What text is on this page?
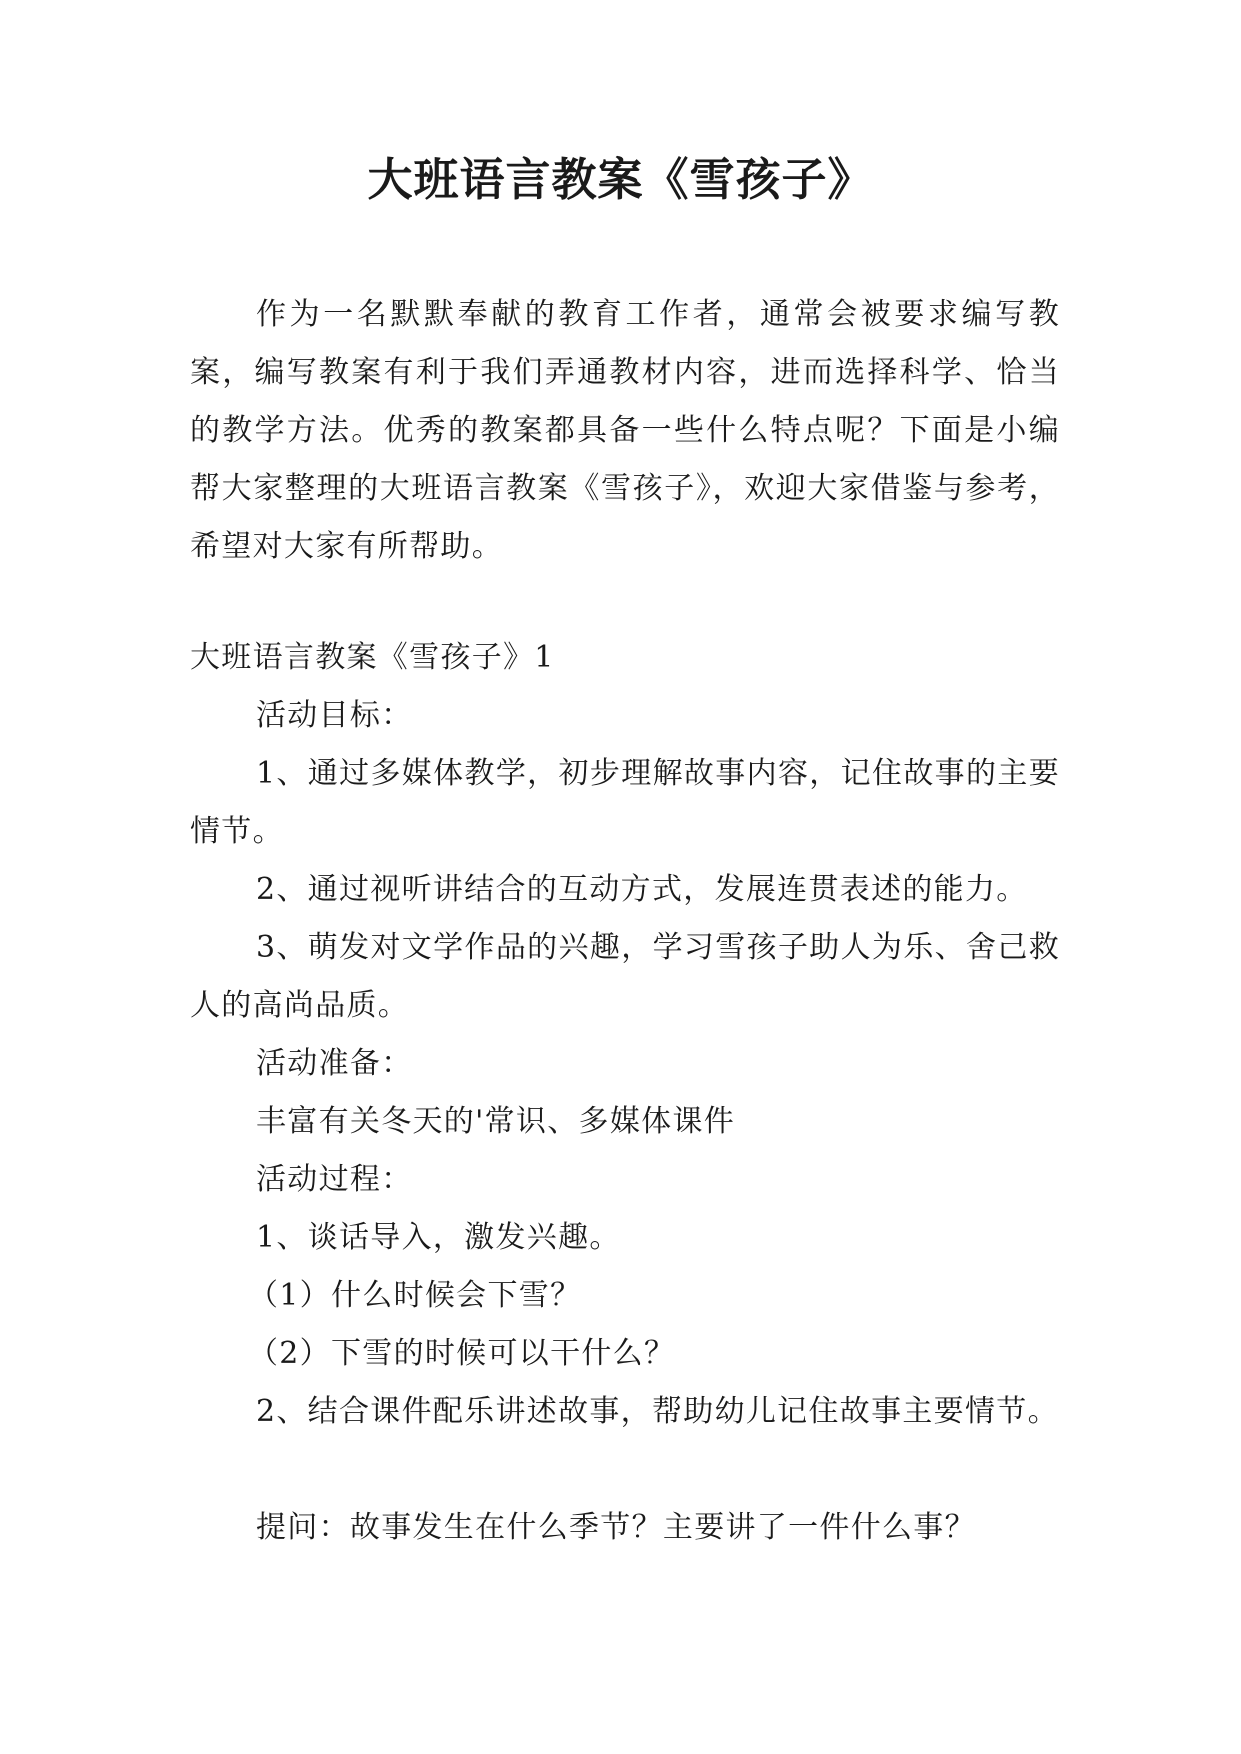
大班语言教案《雪孩子》
作为一名默默奉献的教育工作者，通常会被要求编写教案，编写教案有利于我们弄通教材内容，进而选择科学、恰当的教学方法。优秀的教案都具备一些什么特点呢？下面是小编帮大家整理的大班语言教案《雪孩子》，欢迎大家借鉴与参考，希望对大家有所帮助。
大班语言教案《雪孩子》1
活动目标：
1、通过多媒体教学，初步理解故事内容，记住故事的主要情节。
2、通过视听讲结合的互动方式，发展连贯表述的能力。
3、萌发对文学作品的兴趣，学习雪孩子助人为乐、舍己救人的高尚品质。
活动准备：
丰富有关冬天的'常识、多媒体课件
活动过程：
1、谈话导入，激发兴趣。
（1）什么时候会下雪？
（2）下雪的时候可以干什么？
2、结合课件配乐讲述故事，帮助幼儿记住故事主要情节。
提问：故事发生在什么季节？主要讲了一件什么事？
